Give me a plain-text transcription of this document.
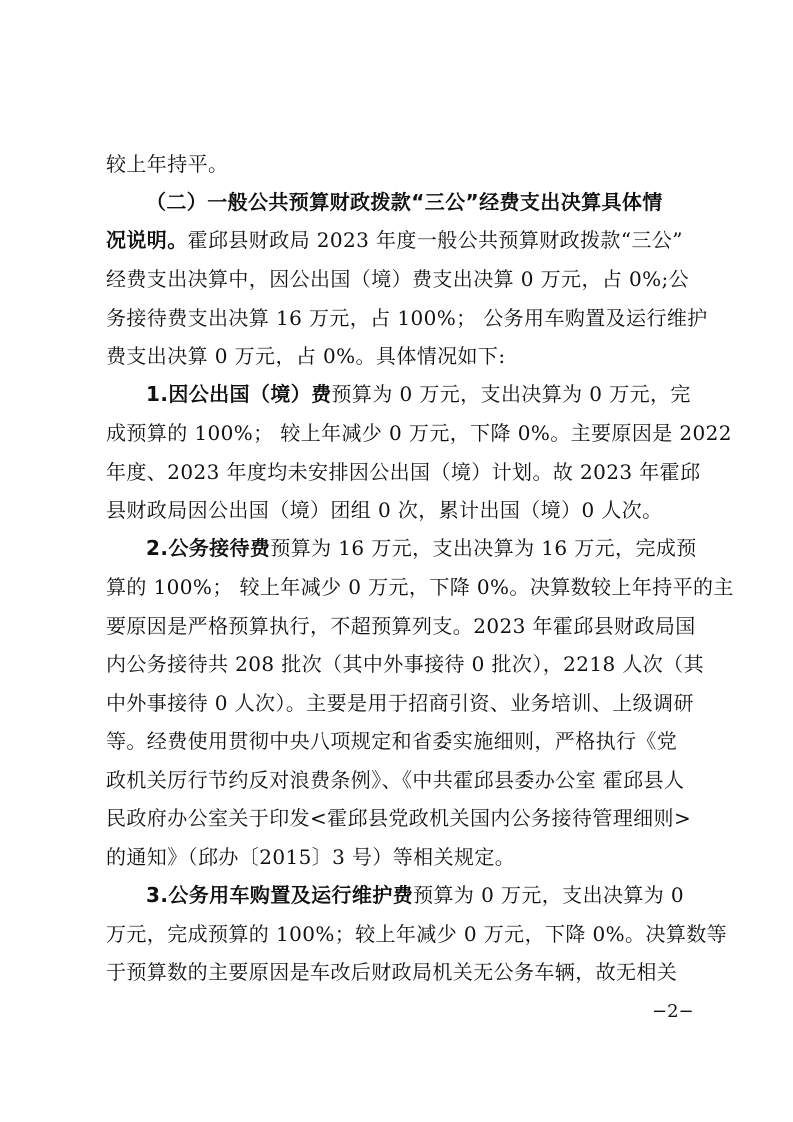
较上年持平。
（二）一般公共预算财政拨款“三公”经费支出决算具体情
况说明。霍邱县财政局 2023 年度一般公共预算财政拨款“三公”
经费支出决算中，因公出国（境）费支出决算 0 万元，占 0%;公
务接待费支出决算 16 万元，占 100%； 公务用车购置及运行维护
费支出决算 0 万元，占 0%。具体情况如下:
1.因公出国（境）费预算为 0 万元，支出决算为 0 万元，完
成预算的 100%； 较上年减少 0 万元，下降 0%。主要原因是 2022
年度、2023 年度均未安排因公出国（境）计划。故 2023 年霍邱
县财政局因公出国（境）团组 0 次，累计出国（境）0 人次。
2.公务接待费预算为 16 万元，支出决算为 16 万元，完成预
算的 100%； 较上年减少 0 万元，下降 0%。决算数较上年持平的主
要原因是严格预算执行，不超预算列支。2023 年霍邱县财政局国
内公务接待共 208 批次（其中外事接待 0 批次），2218 人次（其
中外事接待 0 人次）。主要是用于招商引资、业务培训、上级调研
等。经费使用贯彻中央八项规定和省委实施细则，严格执行《党
政机关厉行节约反对浪费条例》、《中共霍邱县委办公室 霍邱县人
民政府办公室关于印发<霍邱县党政机关国内公务接待管理细则>
的通知》（邱办〔2015〕3 号）等相关规定。
3.公务用车购置及运行维护费预算为 0 万元，支出决算为 0
万元，完成预算的 100%；较上年减少 0 万元，下降 0%。决算数等
于预算数的主要原因是车改后财政局机关无公务车辆，故无相关
−2−
